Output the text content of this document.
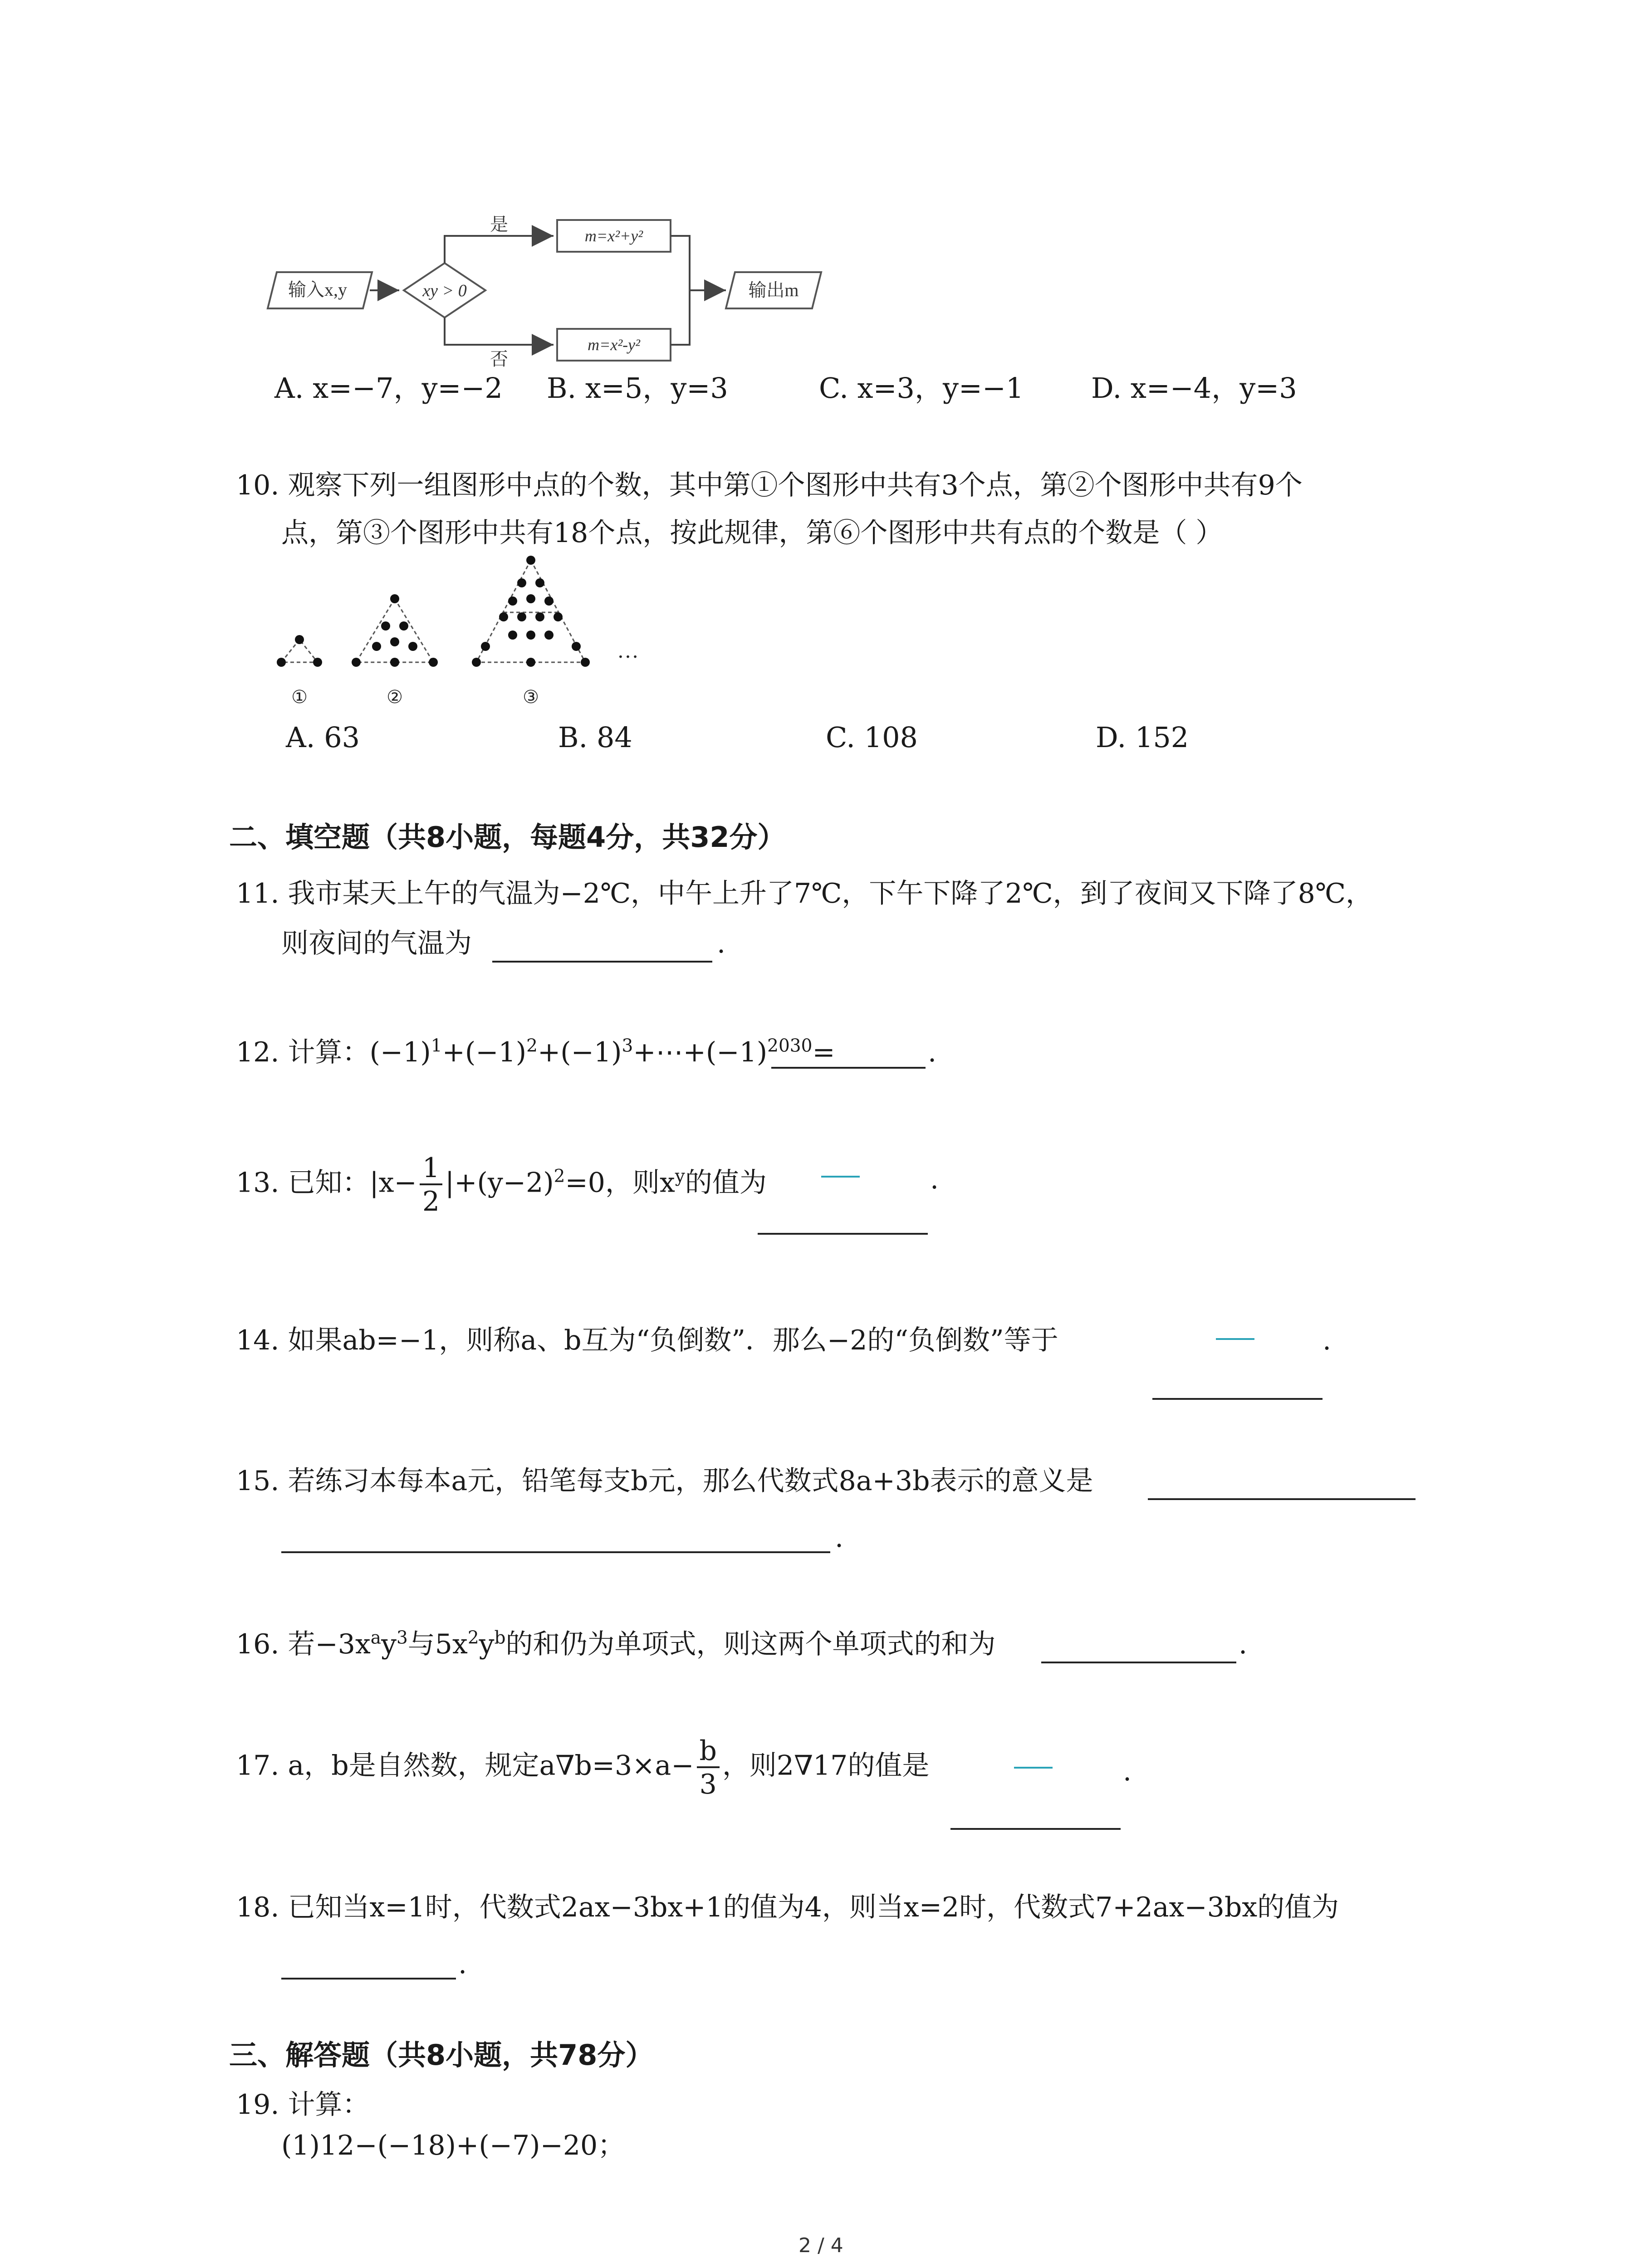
输入x,y	xy > 0
是
m=x²+y²
否
m=x²-y²
输出m
A. x=−7，y=−2 B. x=5，y=3	C. x=3，y=−1 D. x=−4，y=3
10. 观察下列一组图形中点的个数，其中第①个图形中共有3个点，第②个图形中共有9个
点，第③个图形中共有18个点，按此规律，第⑥个图形中共有点的个数是（ ）
…
①	②	③
A. 63	B. 84	C. 108	D. 152
二、填空题（共8小题，每题4分，共32分）
11. 我市某天上午的气温为−2℃，中午上升了7℃，下午下降了2℃，到了夜间又下降了8℃，
则夜间的气温为	.
12. 计算：$(-1)^1+(-1)^2+(-1)^3+\cdots+(-1)^{2030}=$	.
13. 已知：$|x- \frac{1}{2} |+(y-2)^2=0$，则$x^y$的值为	.
14. 如果ab=−1，则称a、b互为“负倒数”．那么−2的“负倒数”等于	.
15. 若练习本每本a元，铅笔每支b元，那么代数式8a+3b表示的意义是
.
16. 若$-3x^ay^3$与$5x^2y^b$的和仍为单项式，则这两个单项式的和为	.
17. a，b是自然数，规定$a\nabla b=3\times a- \frac{b}{3}$ ，则2∇17的值是	.
18. 已知当x=1时，代数式2ax−3bx+1的值为4，则当x=2时，代数式7+2ax−3bx的值为
.
三、解答题（共8小题，共78分）
19. 计算：
(1)12−(−18)+(−7)−20；
2 / 4
